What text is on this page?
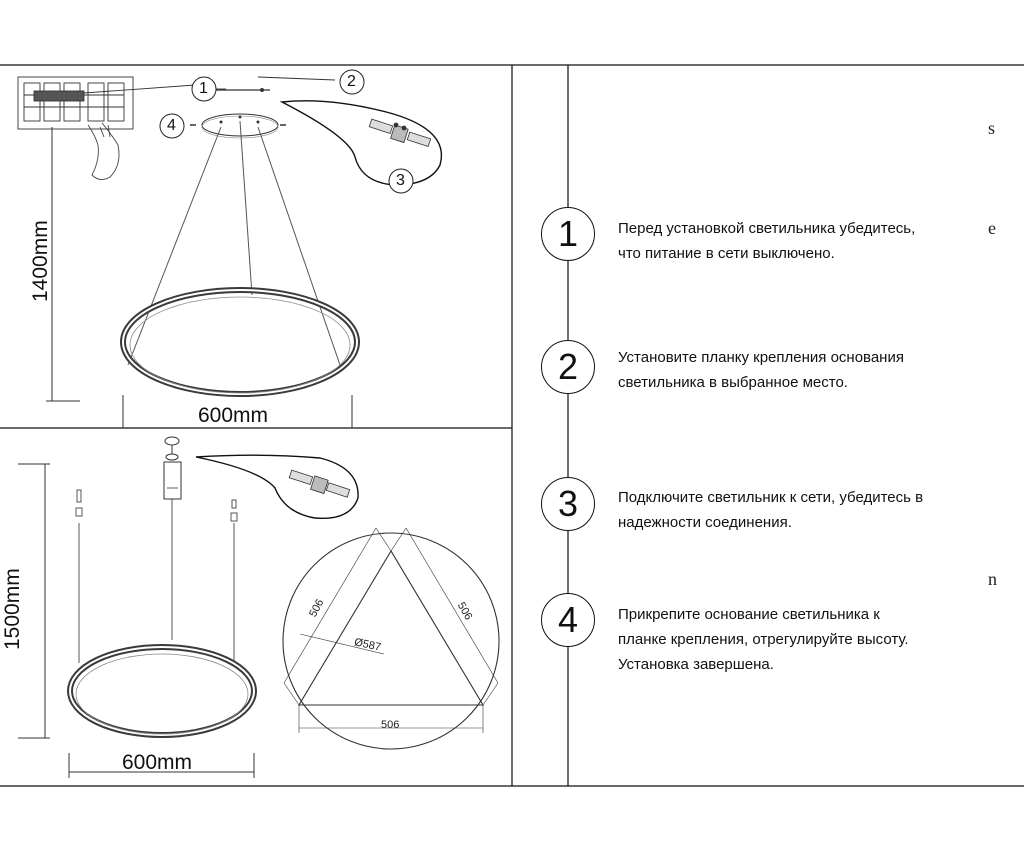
1	2
3
4
1400mm
600mm
1500mm
600mm
506	506
506
Ø587
1	Перед установкой светильника убедитесь,
что питание в сети выключено.
2	Установите планку крепления основания
светильника в выбранное место.
3	Подключите светильник к сети, убедитесь в
надежности соединения.
4	Прикрепите основание светильника к
планке крепления, отрегулируйте высоту.
Установка завершена.
s
e
n
